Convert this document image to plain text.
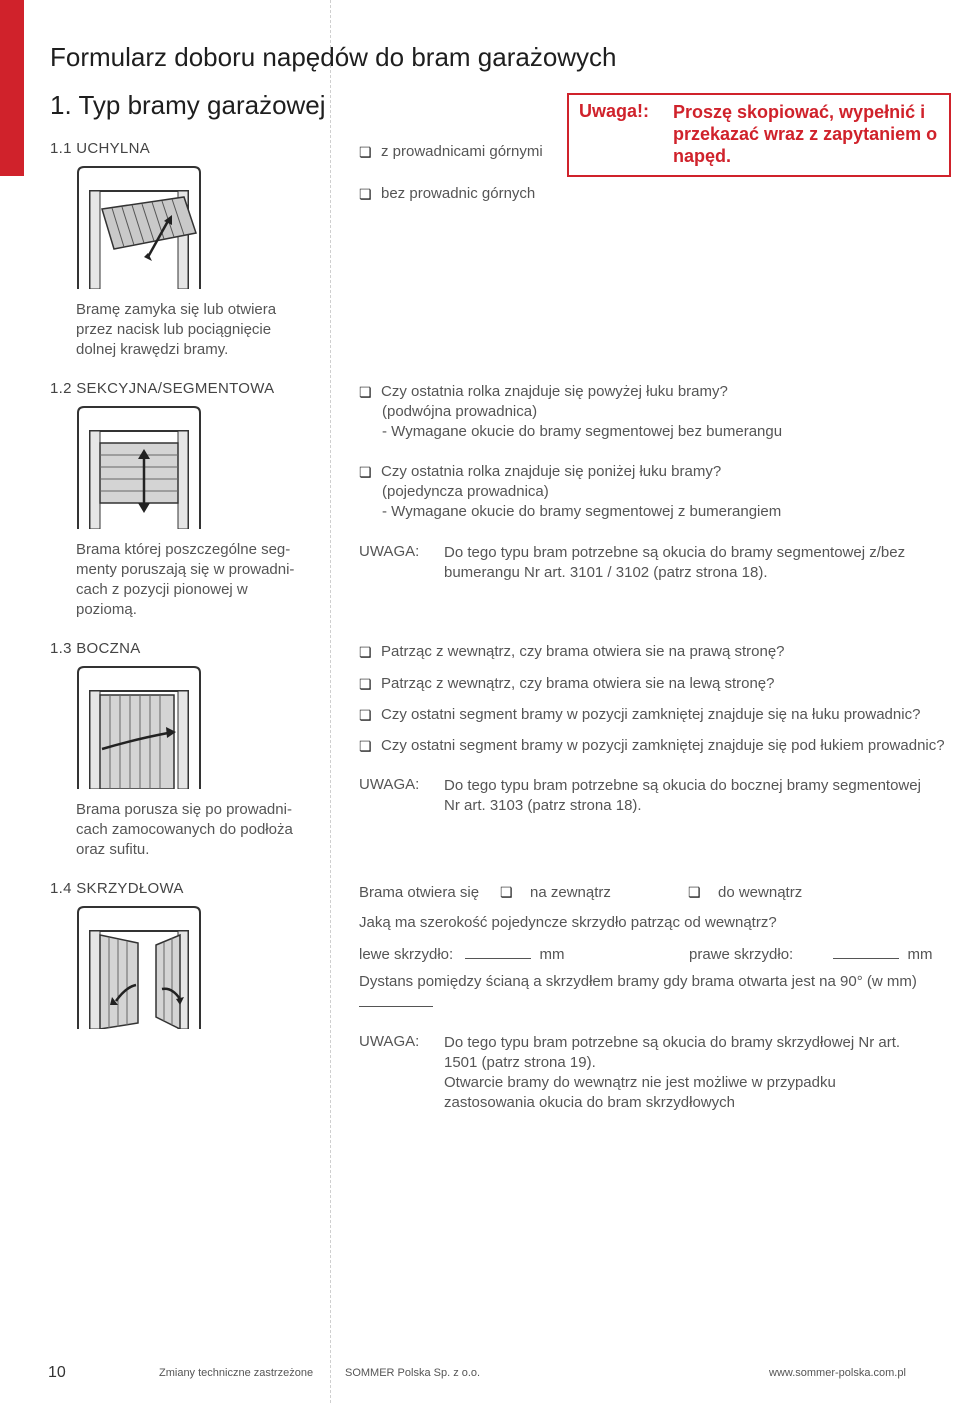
Formularz doboru napędów do bram garażowych
1. Typ bramy garażowej	Uwaga!: Proszę skopiować, wypełnić i przekazać wraz z zapytaniem o napęd.
1.1 UCHYLNA
Bramę zamyka się lub otwiera przez nacisk lub pociągnięcie dolnej krawędzi bramy.
❏ z prowadnicami górnymi
❏ bez prowadnic górnych
1.2 SEKCYJNA/SEGMENTOWA
Brama której poszczególne seg-menty poruszają się w prowadni-cach z pozycji pionowej w poziomą.
❏ Czy ostatnia rolka znajduje się powyżej łuku bramy?
(podwójna prowadnica)
- Wymagane okucie do bramy segmentowej bez bumerangu
❏ Czy ostatnia rolka znajduje się poniżej łuku bramy?
(pojedyncza prowadnica)
- Wymagane okucie do bramy segmentowej z bumerangiem
UWAGA: Do tego typu bram potrzebne są okucia do bramy segmentowej z/bez bumerangu Nr art. 3101 / 3102 (patrz strona 18).
1.3 BOCZNA
Brama porusza się po prowadni-cach zamocowanych do podłoża oraz sufitu.
❏ Patrząc z wewnątrz, czy brama otwiera sie na prawą stronę?
❏ Patrząc z wewnątrz, czy brama otwiera sie na lewą stronę?
❏ Czy ostatni segment bramy w pozycji zamkniętej znajduje się na łuku prowadnic?
❏ Czy ostatni segment bramy w pozycji zamkniętej znajduje się pod łukiem prowadnic?
UWAGA: Do tego typu bram potrzebne są okucia do bocznej bramy segmentowej Nr art. 3103 (patrz strona 18).
1.4 SKRZYDŁOWA	Brama otwiera się ❏ na zewnątrz	❏ do wewnątrz
Jaką ma szerokość pojedyncze skrzydło patrząc od wewnątrz?
lewe skrzydło:	mm	prawe skrzydło:	mm
Dystans pomiędzy ścianą a skrzydłem bramy gdy brama otwarta jest na 90° (w mm)
UWAGA: Do tego typu bram potrzebne są okucia do bramy skrzydłowej Nr art. 1501 (patrz strona 19).
Otwarcie bramy do wewnątrz nie jest możliwe w przypadku zastosowania okucia do bram skrzydłowych
10	Zmiany techniczne zastrzeżone	SOMMER Polska Sp. z o.o.	www.sommer-polska.com.pl
